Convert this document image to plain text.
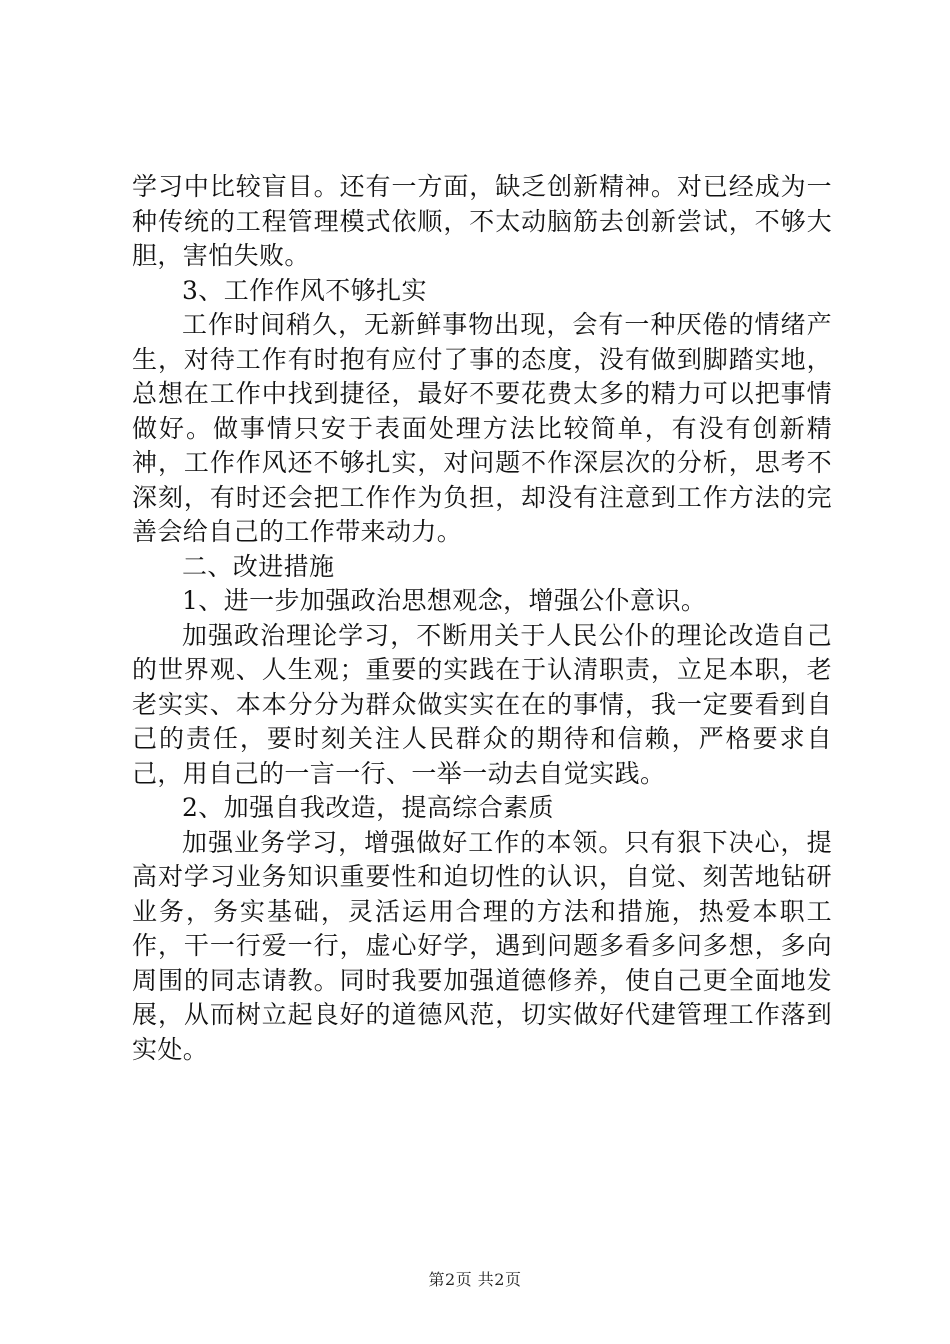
学习中比较盲目。还有一方面，缺乏创新精神。对已经成为一种传统的工程管理模式依顺，不太动脑筋去创新尝试，不够大胆，害怕失败。

3、工作作风不够扎实

工作时间稍久，无新鲜事物出现，会有一种厌倦的情绪产生，对待工作有时抱有应付了事的态度，没有做到脚踏实地，总想在工作中找到捷径，最好不要花费太多的精力可以把事情做好。做事情只安于表面处理方法比较简单，有没有创新精神，工作作风还不够扎实，对问题不作深层次的分析，思考不深刻，有时还会把工作作为负担，却没有注意到工作方法的完善会给自己的工作带来动力。

二、改进措施

1、进一步加强政治思想观念，增强公仆意识。

加强政治理论学习，不断用关于人民公仆的理论改造自己的世界观、人生观；重要的实践在于认清职责，立足本职，老老实实、本本分分为群众做实实在在的事情，我一定要看到自己的责任，要时刻关注人民群众的期待和信赖，严格要求自己，用自己的一言一行、一举一动去自觉实践。

2、加强自我改造，提高综合素质

加强业务学习，增强做好工作的本领。只有狠下决心，提高对学习业务知识重要性和迫切性的认识，自觉、刻苦地钻研业务，务实基础，灵活运用合理的方法和措施，热爱本职工作，干一行爱一行，虚心好学，遇到问题多看多问多想，多向周围的同志请教。同时我要加强道德修养，使自己更全面地发展，从而树立起良好的道德风范，切实做好代建管理工作落到实处。

第2页 共2页
